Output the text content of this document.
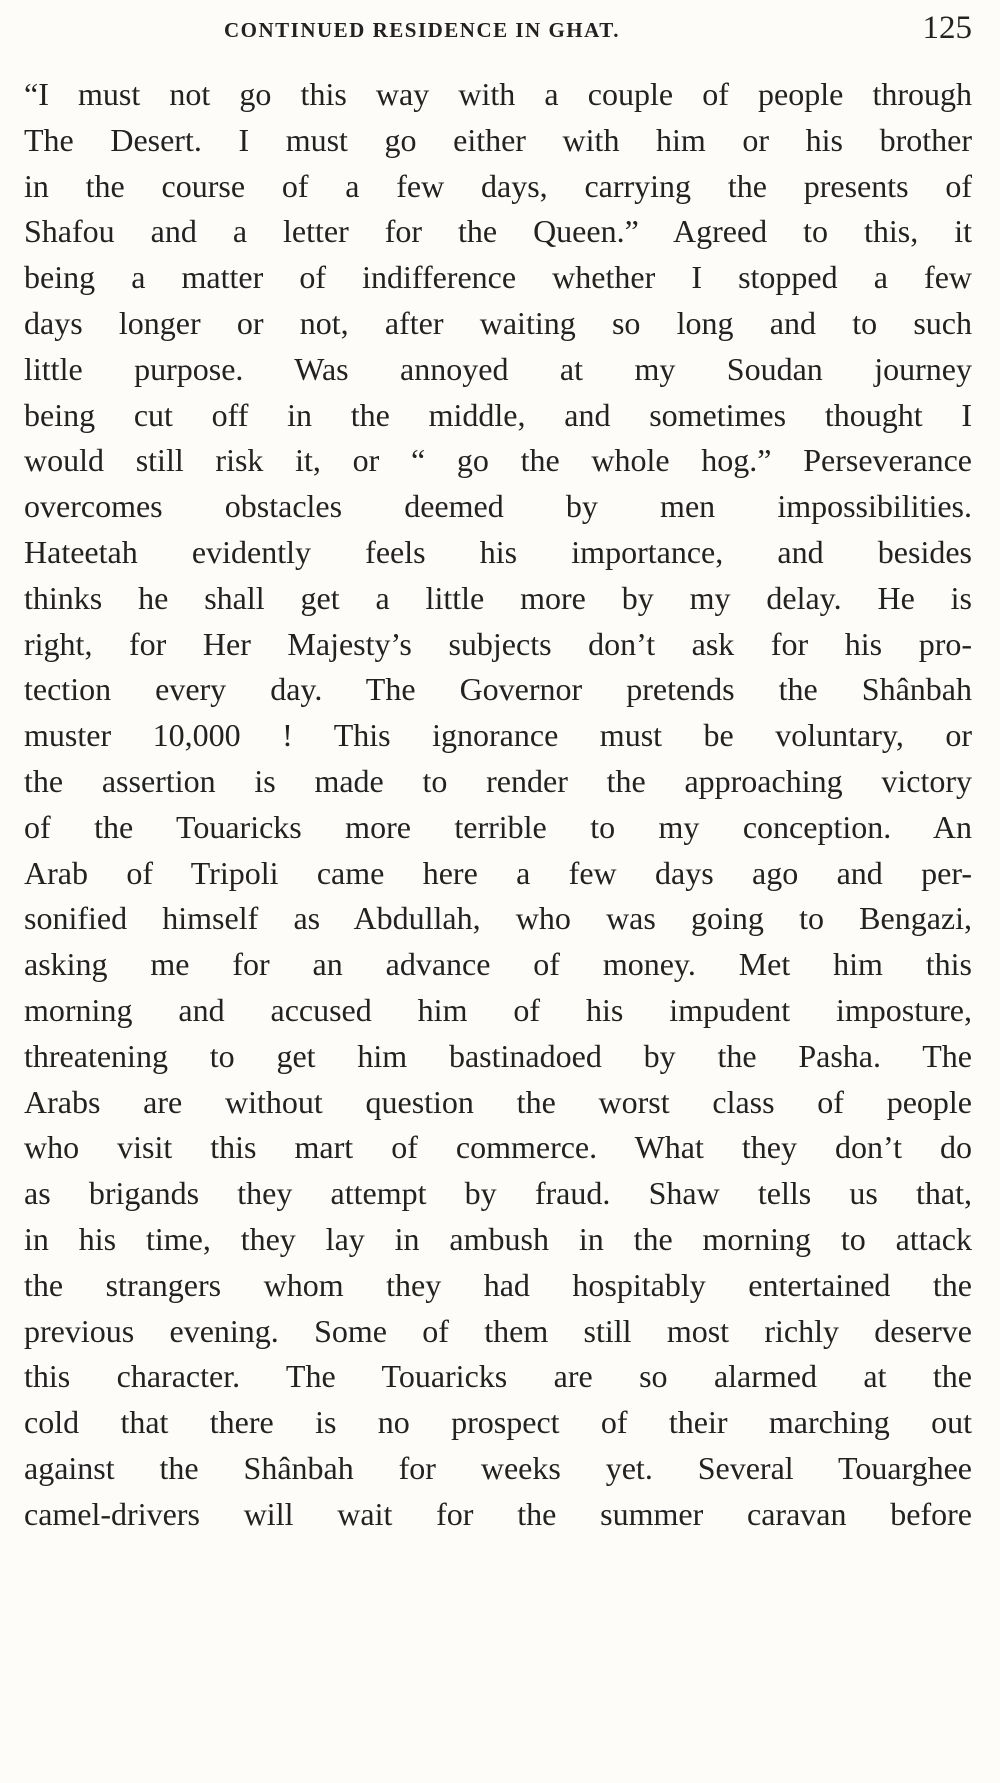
CONTINUED RESIDENCE IN GHAT.	125
“I must not go this way with a couple of people through
The Desert. I must go either with him or his brother
in the course of a few days, carrying the presents of
Shafou and a letter for the Queen.” Agreed to this, it
being a matter of indifference whether I stopped a few
days longer or not, after waiting so long and to such
little purpose. Was annoyed at my Soudan journey
being cut off in the middle, and sometimes thought I
would still risk it, or “ go the whole hog.” Perseverance
overcomes obstacles deemed by men impossibilities.
Hateetah evidently feels his importance, and besides
thinks he shall get a little more by my delay. He is
right, for Her Majesty’s subjects don’t ask for his pro-
tection every day. The Governor pretends the Shânbah
muster 10,000 ! This ignorance must be voluntary, or
the assertion is made to render the approaching victory
of the Touaricks more terrible to my conception. An
Arab of Tripoli came here a few days ago and per-
sonified himself as Abdullah, who was going to Bengazi,
asking me for an advance of money. Met him this
morning and accused him of his impudent imposture,
threatening to get him bastinadoed by the Pasha. The
Arabs are without question the worst class of people
who visit this mart of commerce. What they don’t do
as brigands they attempt by fraud. Shaw tells us that,
in his time, they lay in ambush in the morning to attack
the strangers whom they had hospitably entertained the
previous evening. Some of them still most richly deserve
this character. The Touaricks are so alarmed at the
cold that there is no prospect of their marching out
against the Shânbah for weeks yet. Several Touarghee
camel-drivers will wait for the summer caravan before
